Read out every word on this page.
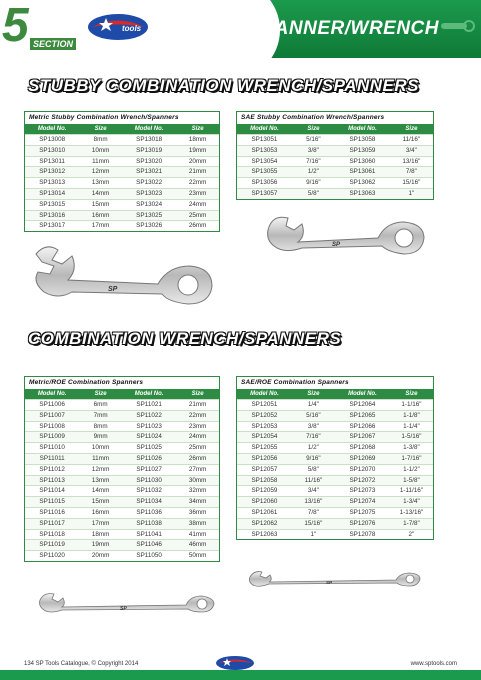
5 SECTION
tools	SPANNER/WRENCH
STUBBY COMBINATION WRENCH/SPANNERS
Metric Stubby Combination Wrench/Spanners
Model No.	Size	Model No.	Size
SP13008	8mm	SP13018	18mm
SP13010	10mm	SP13019	19mm
SP13011	11mm	SP13020	20mm
SP13012	12mm	SP13021	21mm
SP13013	13mm	SP13022	22mm
SP13014	14mm	SP13023	23mm
SP13015	15mm	SP13024	24mm
SP13016	16mm	SP13025	25mm
SP13017	17mm	SP13026	26mm
SAE Stubby Combination Wrench/Spanners
Model No.	Size	Model No.	Size
SP13051	5/16"	SP13058	11/16"
SP13053	3/8"	SP13059	3/4"
SP13054	7/16"	SP13060	13/16"
SP13055	1/2"	SP13061	7/8"
SP13056	9/16"	SP13062	15/16"
SP13057	5/8"	SP13063	1"
SP
SP
COMBINATION WRENCH/SPANNERS
Metric/ROE Combination Spanners
Model No.	Size	Model No.	Size
SP11006	6mm	SP11021	21mm
SP11007	7mm	SP11022	22mm
SP11008	8mm	SP11023	23mm
SP11009	9mm	SP11024	24mm
SP11010	10mm	SP11025	25mm
SP11011	11mm	SP11026	26mm
SP11012	12mm	SP11027	27mm
SP11013	13mm	SP11030	30mm
SP11014	14mm	SP11032	32mm
SP11015	15mm	SP11034	34mm
SP11016	16mm	SP11036	36mm
SP11017	17mm	SP11038	38mm
SP11018	18mm	SP11041	41mm
SP11019	19mm	SP11046	46mm
SP11020	20mm	SP11050	50mm
SAE/ROE Combination Spanners
Model No.	Size	Model No.	Size
SP12051	1/4"	SP12064	1-1/16"
SP12052	5/16"	SP12065	1-1/8"
SP12053	3/8"	SP12066	1-1/4"
SP12054	7/16"	SP12067	1-5/16"
SP12055	1/2"	SP12068	1-3/8"
SP12056	9/16"	SP12069	1-7/16"
SP12057	5/8"	SP12070	1-1/2"
SP12058	11/16"	SP12072	1-5/8"
SP12059	3/4"	SP12073	1-11/16"
SP12060	13/16"	SP12074	1-3/4"
SP12061	7/8"	SP12075	1-13/16"
SP12062	15/16"	SP12076	1-7/8"
SP12063	1"	SP12078	2"
SP
SP
134 SP Tools Catalogue, © Copyright 2014	www.sptools.com
